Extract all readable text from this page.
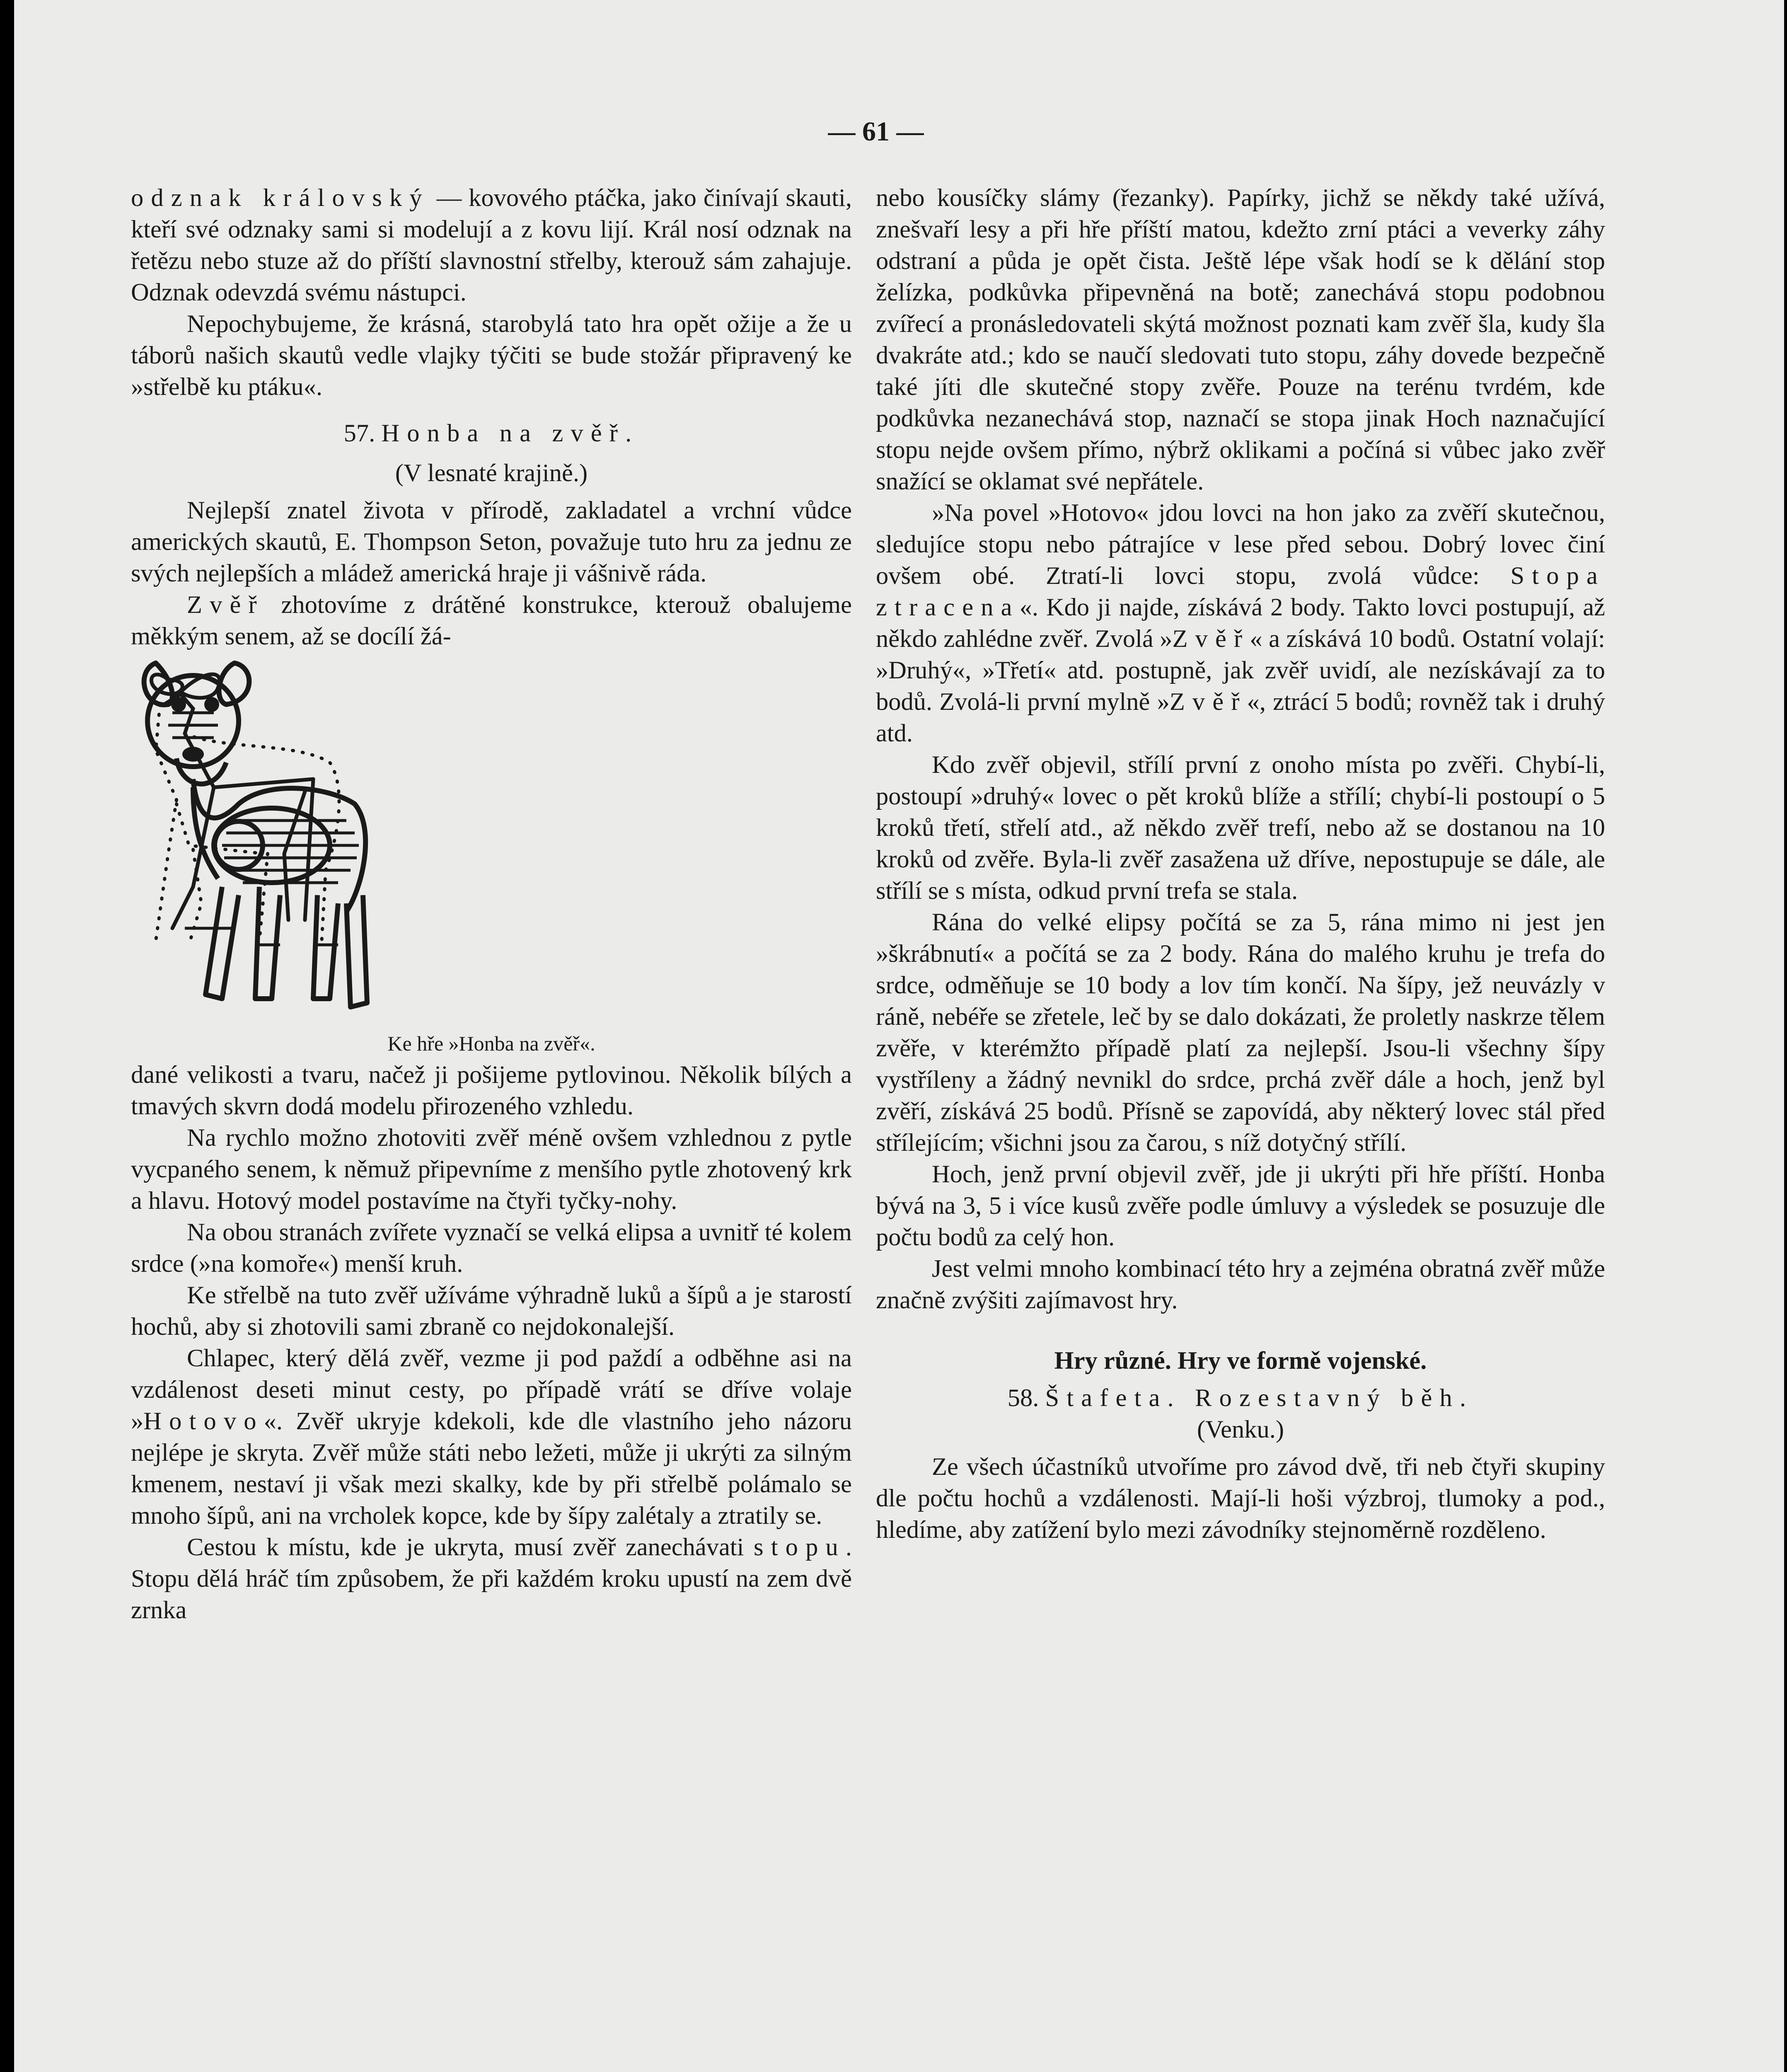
— 61 —

odznak královský — kovového ptáčka, jako činívají skauti, kteří své odznaky sami si modelují a z kovu lijí. Král nosí odznak na řetězu nebo stuze až do příští slavnostní střelby, kterouž sám zahajuje. Odznak odevzdá svému nástupci.

Nepochybujeme, že krásná, starobylá tato hra opět ožije a že u táborů našich skautů vedle vlajky týčiti se bude stožár připravený ke »střelbě ku ptáku«.

57. Honba na zvěř.

(V lesnaté krajině.)

Nejlepší znatel života v přírodě, zakladatel a vrchní vůdce amerických skautů, E. Thompson Seton, považuje tuto hru za jednu ze svých nejlepších a mládež americká hraje ji vášnivě ráda.

Zvěř zhotovíme z drátěné konstrukce, kterouž obalujeme měkkým senem, až se docílí žá-

Ke hře »Honba na zvěř«.

dané velikosti a tvaru, načež ji pošijeme pytlovinou. Několik bílých a tmavých skvrn dodá modelu přirozeného vzhledu.

Na rychlo možno zhotoviti zvěř méně ovšem vzhlednou z pytle vycpaného senem, k němuž připevníme z menšího pytle zhotovený krk a hlavu. Hotový model postavíme na čtyři tyčky-nohy.

Na obou stranách zvířete vyznačí se velká elipsa a uvnitř té kolem srdce (»na komoře«) menší kruh.

Ke střelbě na tuto zvěř užíváme výhradně luků a šípů a je starostí hochů, aby si zhotovili sami zbraně co nejdokonalejší.

Chlapec, který dělá zvěř, vezme ji pod paždí a odběhne asi na vzdálenost deseti minut cesty, po případě vrátí se dříve volaje »Hotovo«. Zvěř ukryje kdekoli, kde dle vlastního jeho názoru nejlépe je skryta. Zvěř může státi nebo ležeti, může ji ukrýti za silným kmenem, nestaví ji však mezi skalky, kde by při střelbě polámalo se mnoho šípů, ani na vrcholek kopce, kde by šípy zalétaly a ztratily se.

Cestou k místu, kde je ukryta, musí zvěř zanechávati stopu. Stopu dělá hráč tím způsobem, že při každém kroku upustí na zem dvě zrnka

nebo kousíčky slámy (řezanky). Papírky, jichž se někdy také užívá, znešvaří lesy a při hře příští matou, kdežto zrní ptáci a veverky záhy odstraní a půda je opět čista. Ještě lépe však hodí se k dělání stop želízka, podkůvka připevněná na botě; zanechává stopu podobnou zvířecí a pronásledovateli skýtá možnost poznati kam zvěř šla, kudy šla dvakráte atd.; kdo se naučí sledovati tuto stopu, záhy dovede bezpečně také jíti dle skutečné stopy zvěře. Pouze na terénu tvrdém, kde podkůvka nezanechává stop, naznačí se stopa jinak Hoch naznačující stopu nejde ovšem přímo, nýbrž oklikami a počíná si vůbec jako zvěř snažící se oklamat své nepřátele.

»Na povel »Hotovo« jdou lovci na hon jako za zvěří skutečnou, sledujíce stopu nebo pátrajíce v lese před sebou. Dobrý lovec činí ovšem obé. Ztratí-li lovci stopu, zvolá vůdce: Stopa ztracena«. Kdo ji najde, získává 2 body. Takto lovci postupují, až někdo zahlédne zvěř. Zvolá »Zvěř« a získává 10 bodů. Ostatní volají: »Druhý«, »Třetí« atd. postupně, jak zvěř uvidí, ale nezískávají za to bodů. Zvolá-li první mylně »Zvěř«, ztrácí 5 bodů; rovněž tak i druhý atd.

Kdo zvěř objevil, střílí první z onoho místa po zvěři. Chybí-li, postoupí »druhý« lovec o pět kroků blíže a střílí; chybí-li postoupí o 5 kroků třetí, střelí atd., až někdo zvěř trefí, nebo až se dostanou na 10 kroků od zvěře. Byla-li zvěř zasažena už dříve, nepostupuje se dále, ale střílí se s místa, odkud první trefa se stala.

Rána do velké elipsy počítá se za 5, rána mimo ni jest jen »škrábnutí« a počítá se za 2 body. Rána do malého kruhu je trefa do srdce, odměňuje se 10 body a lov tím končí. Na šípy, jež neuvázly v ráně, nebéře se zřetele, leč by se dalo dokázati, že proletly naskrze tělem zvěře, v kterémžto případě platí za nejlepší. Jsou-li všechny šípy vystříleny a žádný nevnikl do srdce, prchá zvěř dále a hoch, jenž byl zvěří, získává 25 bodů. Přísně se zapovídá, aby některý lovec stál před střílejícím; všichni jsou za čarou, s níž dotyčný střílí.

Hoch, jenž první objevil zvěř, jde ji ukrýti při hře příští. Honba bývá na 3, 5 i více kusů zvěře podle úmluvy a výsledek se posuzuje dle počtu bodů za celý hon.

Jest velmi mnoho kombinací této hry a zejména obratná zvěř může značně zvýšiti zajímavost hry.

Hry různé. Hry ve formě vojenské.

58. Štafeta. Rozestavný běh.

(Venku.)

Ze všech účastníků utvoříme pro závod dvě, tři neb čtyři skupiny dle počtu hochů a vzdálenosti. Mají-li hoši výzbroj, tlumoky a pod., hledíme, aby zatížení bylo mezi závodníky stejnoměrně rozděleno.
